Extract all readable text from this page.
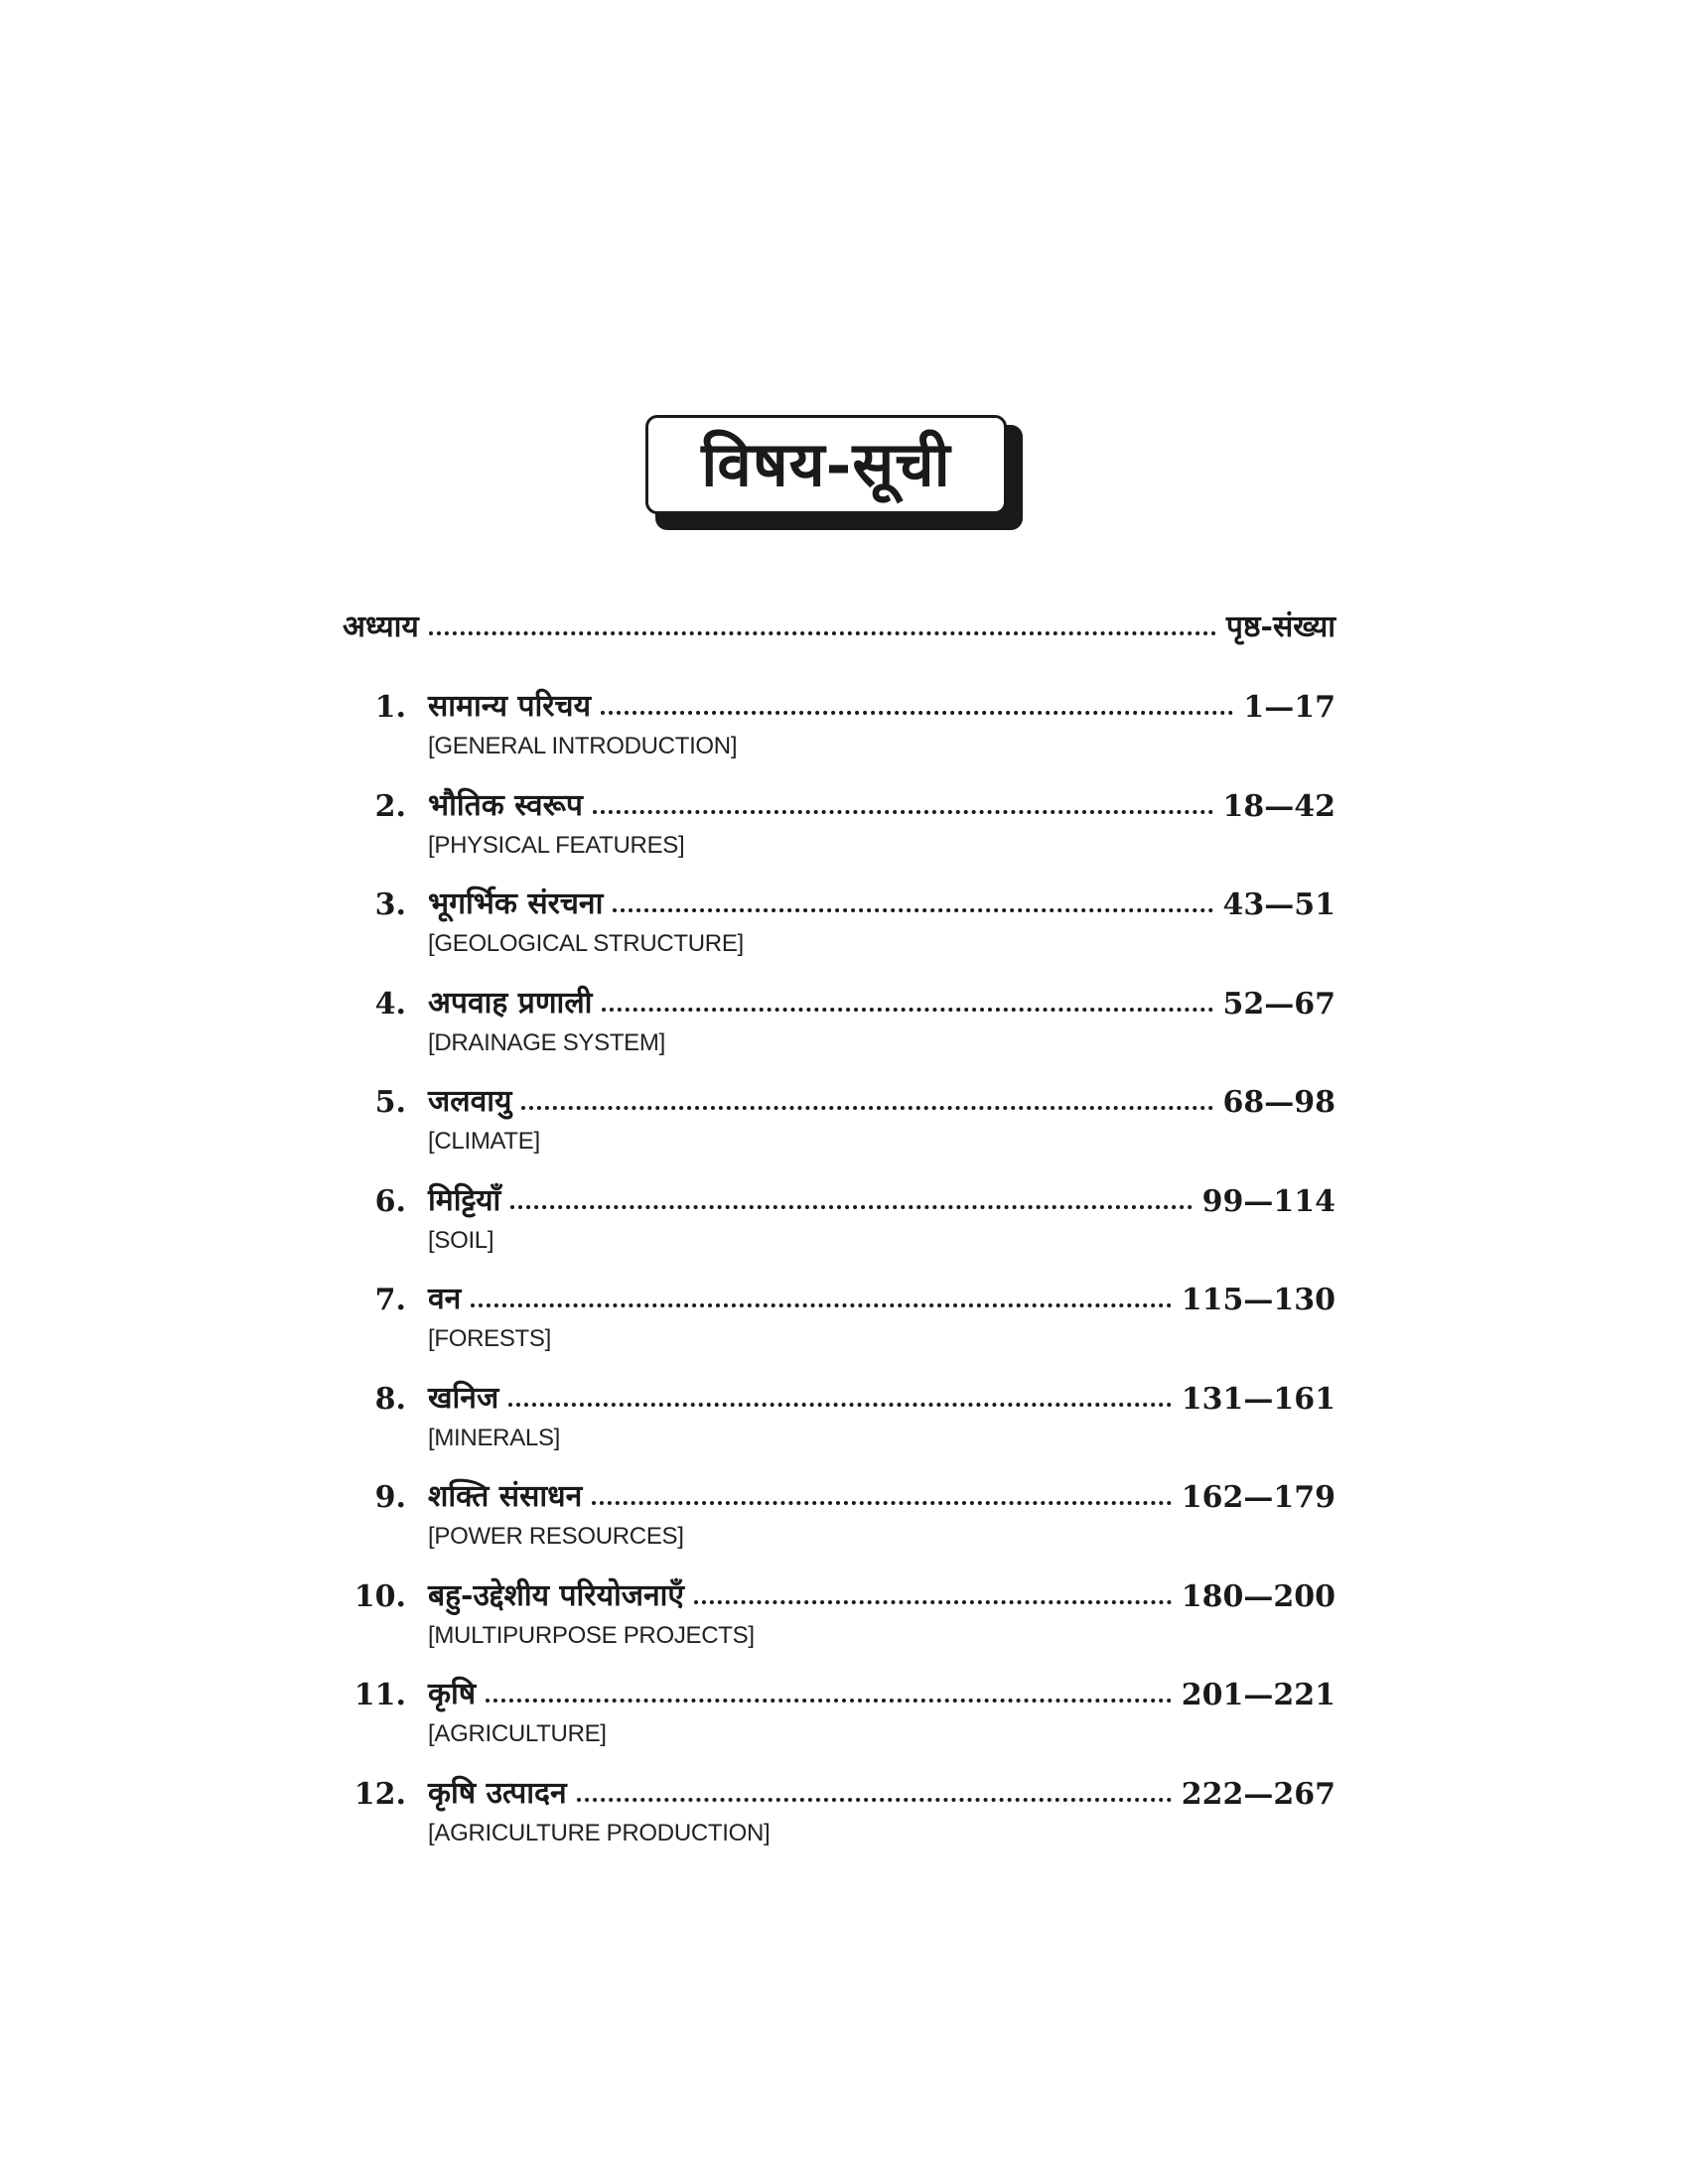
विषय-सूची
अध्याय	पृष्ठ-संख्या
1. सामान्य परिचय	1—17
[GENERAL INTRODUCTION]
2. भौतिक स्वरूप	18—42
[PHYSICAL FEATURES]
3. भूगर्भिक संरचना	43—51
[GEOLOGICAL STRUCTURE]
4. अपवाह प्रणाली	52—67
[DRAINAGE SYSTEM]
5. जलवायु	68—98
[CLIMATE]
6. मिट्टियाँ	99—114
[SOIL]
7. वन	115—130
[FORESTS]
8. खनिज	131—161
[MINERALS]
9. शक्ति संसाधन	162—179
[POWER RESOURCES]
10. बहु-उद्देशीय परियोजनाएँ	180—200
[MULTIPURPOSE PROJECTS]
11. कृषि	201—221
[AGRICULTURE]
12. कृषि उत्पादन	222—267
[AGRICULTURE PRODUCTION]
